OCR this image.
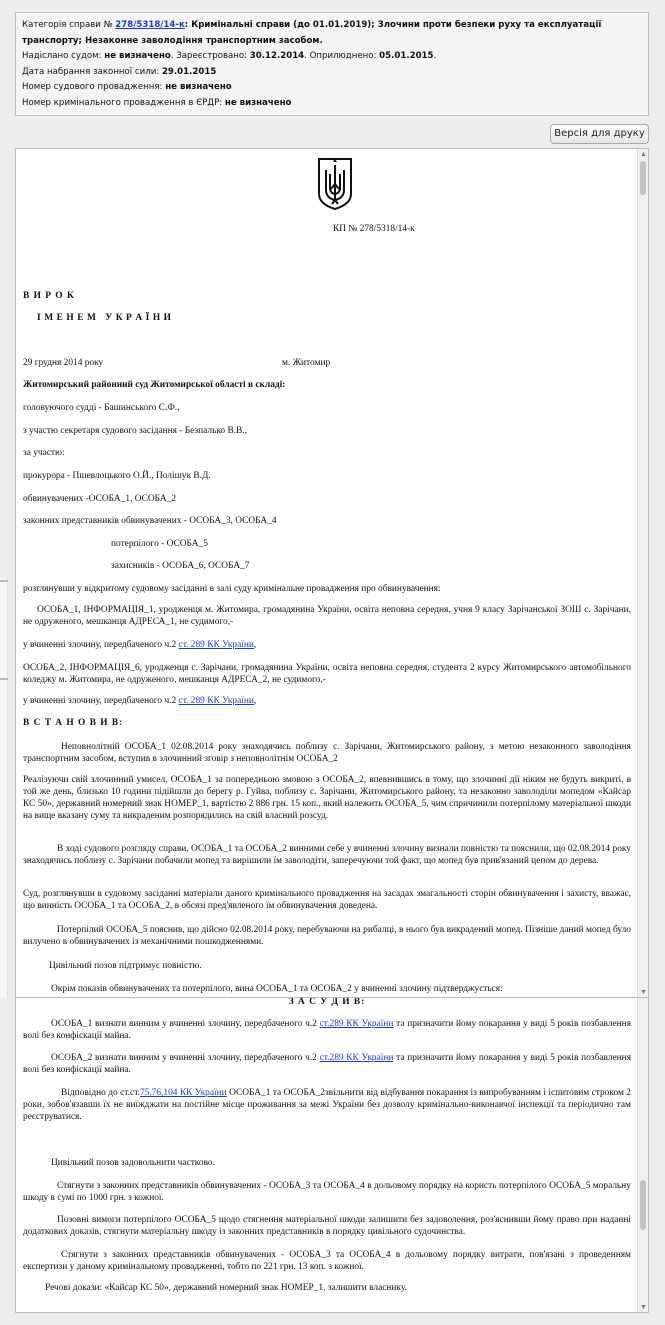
Категорія справи № 278/5318/14-к: Кримінальні справи (до 01.01.2019); Злочини проти безпеки руху та експлуатації транспорту; Незаконне заволодіння транспортним засобом.
Надіслано судом: не визначено. Зареєстровано: 30.12.2014. Оприлюднено: 05.01.2015.
Дата набрання законної сили: 29.01.2015
Номер судового провадження: не визначено
Номер кримінального провадження в ЄРДР: не визначено
Версія для друку
▲
▼
КП № 278/5318/14-к
В И Р О К
І М Е Н Е М   У К Р А Ї Н И
29 грудня 2014 року	м. Житомир
Житомирський районний суд Житомирської області в складі:
головуючого судді - Башинського С.Ф.,
з участю секретаря судового засідання - Безпалько В.В.,
за участю:
прокурора - Пшевлоцького О.Й., Полішук В.Д.
обвинувачених -ОСОБА_1, ОСОБА_2
законних представників обвинувачених - ОСОБА_3, ОСОБА_4
потерпілого - ОСОБА_5
захисників - ОСОБА_6, ОСОБА_7
розглянувши у відкритому судовому засіданні в залі суду кримінальне провадження про обвинувачення:
ОСОБА_1, ІНФОРМАЦІЯ_1, уродженця м. Житомира, громадянина України, освіта неповна середня, учня 9 класу Зарічанської ЗОШ с. Зарічани, не одруженого, мешканця АДРЕСА_1, не судимого,-
у вчиненні злочину, передбаченого ч.2 ст. 289 КК України,
ОСОБА_2, ІНФОРМАЦІЯ_6, уродженця с. Зарічани, громадянина України, освіта неповна середня, студента 2 курсу Житомирського автомобільного коледжу м. Житомира, не одруженого, мешканця АДРЕСА_2, не судимого,-
у вчиненні злочину, передбаченого ч.2 ст. 289 КК України,
В С Т А Н О В И В:
Неповнолітній ОСОБА_1 02.08.2014 року знаходячись поблизу с. Зарічани, Житомирського району, з метою незаконного заволодіння транспортним засобом, вступив в злочинний зговір з неповнолітнім ОСОБА_2
Реалізуючи свій злочинний умисел, ОСОБА_1 за попередньою змовою з ОСОБА_2, впевнившись в тому, що злочинні дії ніким не будуть викриті, в той же день, близько 10 години підійшли до берегу р. Гуйва, поблизу с. Зарічани, Житомирського району, та незаконно заволоділи мопедом «Кайсар КС 50», державний номерний знак НОМЕР_1, вартістю 2 886 грн. 15 коп., який належить ОСОБА_5, чим спричинили потерпілому матеріальної шкоди на вище вказану суму та викраденим розпорядились на свій власний розсуд.
В ході судового розгляду справи, ОСОБА_1 та ОСОБА_2 винними себе у вчиненні злочину визнали повністю та пояснили, що 02.08.2014 року знаходячись поблизу с. Зарічани побачили мопед та вирішили їм заволодіти, заперечуючи той факт, що мопед був прив'язаний цепом до дерева.
Суд, розглянувши в судовому засіданні матеріали даного кримінального провадження на засадах змагальності сторін обвинувачення і захисту, вважає, що винність ОСОБА_1 та ОСОБА_2, в обсязі пред'явленого їм обвинувачення доведена.
Потерпілий ОСОБА_5 пояснив, що дійсно 02.08.2014 року, перебуваючи на рибалці, в нього був викрадений мопед. Пізніше даний мопед було вилучено в обвинувачених із механічними пошкодженнями.
Цивільний позов підтримує повністю.
Окрім показів обвинувачених та потерпілого, вина ОСОБА_1 та ОСОБА_2 у вчиненні злочину підтверджується:
▼
З А С У Д И В:
ОСОБА_1 визнати винним у вчиненні злочину, передбаченого ч.2 ст.289 КК України та призначити йому покарання у виді 5 років позбавлення волі без конфіскації майна.
ОСОБА_2 визнати винним у вчиненні злочину, передбаченого ч.2 ст.289 КК України та призначити йому покарання у виді 5 років позбавлення волі без конфіскації майна.
Відповідно до ст.ст.75,76,104 КК України ОСОБА_1 та ОСОБА_2звільнити від відбування покарання із випробуванням і іспитовим строком 2 роки, зобов'язавши їх не виїжджати на постійне місце проживання за межі України без дозволу кримінально-виконавчої інспекції та періодично там реєструватися.
Цивільний позов задовольнити частково.
Стягнути з законних представників обвинувачених - ОСОБА_3 та ОСОБА_4 в дольовому порядку на користь потерпілого ОСОБА_5 моральну шкоду в сумі по 1000 грн. з кожної.
Позовні вимоги потерпілого ОСОБА_5 щодо стягнення матеріальної шкоди залишити без задоволення, роз'яснивши йому право при наданні додаткових доказів, стягнути матеріальну шкоду із законних представників в порядку цивільного судочинства.
Стягнути з законних представників обвинувачених - ОСОБА_3 та ОСОБА_4 в дольовому порядку витрати, пов'язані з проведенням експертизи у даному кримінальному провадженні, тобто по 221 грн. 13 коп. з кожної.
Речові докази: «Кайсар КС 50», державний номерний знак НОМЕР_1, залишити власнику.
